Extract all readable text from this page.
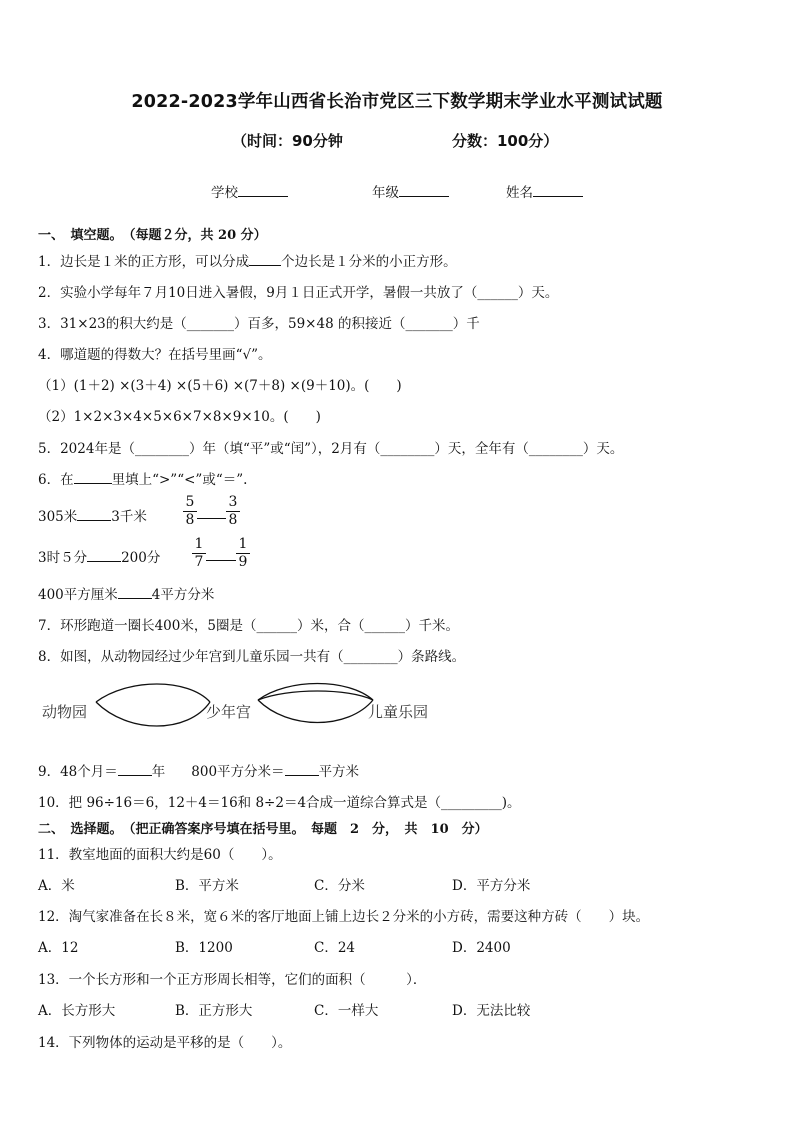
2022-2023学年山西省长治市党区三下数学期末学业水平测试试题
（时间：90分钟	分数：100分）
学校	年级	姓名
一、　填空题。　（每题２分，共 20 分）
1．边长是１米的正方形，可以分成 个边长是１分米的小正方形。
2．实验小学每年７月10日进入暑假，9月１日正式开学，暑假一共放了（______）天。
3．31×23的积大约是（_______）百多，59×48 的积接近（_______）千
4．哪道题的得数大？在括号里画“√”。
（1）(1＋2) ×(3＋4) ×(5＋6) ×(7＋8) ×(9＋10)。(　　)
（2）1×2×3×4×5×6×7×8×9×10。(　　)
5．2024年是（________）年（填“平”或“闰”），2月有（________）天，全年有（________）天。
6．在	里填上“>”“<”或“＝”.
305米	3千米	$\frac{5}{8} \frac{3}{8}$
3时５分	200分 $\frac{1}{7} \frac{1}{9}$
400平方厘米	4平方分米
7．环形跑道一圈长400米，5圈是（______）米，合（______）千米。
8．如图，从动物园经过少年宫到儿童乐园一共有（________）条路线。
动物园	少年宫	儿童乐园
9．48个月＝	年 800平方分米＝	平方米
10．把 96÷16＝6，12＋4＝16和 8÷2＝4合成一道综合算式是（_________)。
二、　选择题。　（把正确答案序号填在括号里。　每题　2　分，　共　10　分）
11．教室地面的面积大约是60（　　）。
A．米	B．平方米	C．分米	D．平方分米
12．淘气家准备在长８米，宽６米的客厅地面上铺上边长２分米的小方砖，需要这种方砖（　　）块。
A．12	B．1200	C．24	D．2400
13．一个长方形和一个正方形周长相等，它们的面积（　　　）．
A．长方形大	B．正方形大	C．一样大	D．无法比较
14．下列物体的运动是平移的是（　　）。
